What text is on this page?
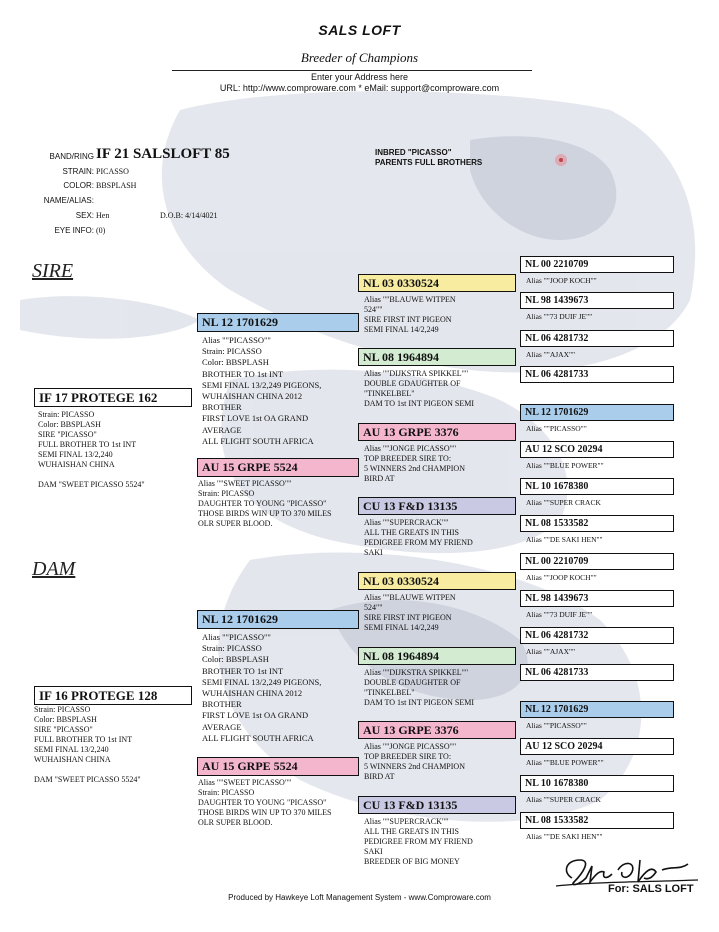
SALS LOFT
Breeder of Champions
Enter your Address here
URL: http://www.comproware.com * eMail: support@comproware.com
BAND/RING IF 21 SALSLOFT 85
STRAIN: PICASSO
COLOR: BBSPLASH
NAME/ALIAS:
SEX: Hen	D.O.B: 4/14/4021
EYE INFO: (0)
INBRED "PICASSO"
PARENTS FULL BROTHERS
SIRE
DAM
IF 17 PROTEGE 162
Strain: PICASSO
Color: BBSPLASH
SIRE "PICASSO"
FULL BROTHER TO 1st INT
SEMI FINAL 13/2,240
WUHAISHAN CHINA

DAM "SWEET PICASSO 5524"
NL 12 1701629
Alias ""PICASSO""
Strain: PICASSO
Color: BBSPLASH
BROTHER TO 1st INT
SEMI FINAL 13/2,249 PIGEONS,
WUHAISHAN CHINA 2012
BROTHER
FIRST LOVE 1st OA GRAND
AVERAGE
ALL FLIGHT SOUTH AFRICA
AU 15 GRPE 5524
Alias ""SWEET PICASSO""
Strain: PICASSO
DAUGHTER TO YOUNG "PICASSO"
THOSE BIRDS WIN UP TO 370 MILES
OLR SUPER BLOOD.
NL 03 0330524
Alias ""BLAUWE WITPEN
524""
SIRE FIRST INT PIGEON
SEMI FINAL 14/2,249
NL 08 1964894
Alias ""DIJKSTRA SPIKKEL""
DOUBLE GDAUGHTER OF
"TINKELBEL"
DAM TO 1st INT PIGEON SEMI
AU 13 GRPE 3376
Alias ""JONGE PICASSO""
TOP BREEDER SIRE TO:
5 WINNERS 2nd CHAMPION
BIRD AT
CU 13 F&D 13135
Alias ""SUPERCRACK""
ALL THE GREATS IN THIS
PEDIGREE FROM MY FRIEND
SAKI
NL 00 2210709
Alias ""JOOP KOCH""
NL 98 1439673
Alias ""73 DUIF JE""
NL 06 4281732
Alias ""AJAX""
NL 06 4281733
NL 12 1701629
Alias ""PICASSO""
AU 12 SCO 20294
Alias ""BLUE POWER""
NL 10 1678380
Alias ""SUPER CRACK
NL 08 1533582
Alias ""DE SAKI HEN""
IF 16 PROTEGE 128
Strain: PICASSO
Color: BBSPLASH
SIRE "PICASSO"
FULL BROTHER TO 1st INT
SEMI FINAL 13/2,240
WUHAISHAN CHINA

DAM "SWEET PICASSO 5524"
NL 12 1701629
Alias ""PICASSO""
Strain: PICASSO
Color: BBSPLASH
BROTHER TO 1st INT
SEMI FINAL 13/2,249 PIGEONS,
WUHAISHAN CHINA 2012
BROTHER
FIRST LOVE 1st OA GRAND
AVERAGE
ALL FLIGHT SOUTH AFRICA
AU 15 GRPE 5524
Alias ""SWEET PICASSO""
Strain: PICASSO
DAUGHTER TO YOUNG "PICASSO"
THOSE BIRDS WIN UP TO 370 MILES
OLR SUPER BLOOD.
NL 03 0330524
Alias ""BLAUWE WITPEN
524""
SIRE FIRST INT PIGEON
SEMI FINAL 14/2,249
NL 08 1964894
Alias ""DIJKSTRA SPIKKEL""
DOUBLE GDAUGHTER OF
"TINKELBEL"
DAM TO 1st INT PIGEON SEMI
AU 13 GRPE 3376
Alias ""JONGE PICASSO""
TOP BREEDER SIRE TO:
5 WINNERS 2nd CHAMPION
BIRD AT
CU 13 F&D 13135
Alias ""SUPERCRACK""
ALL THE GREATS IN THIS
PEDIGREE FROM MY FRIEND
SAKI
BREEDER OF BIG MONEY
NL 00 2210709
Alias ""JOOP KOCH""
NL 98 1439673
Alias ""73 DUIF JE""
NL 06 4281732
Alias ""AJAX""
NL 06 4281733
NL 12 1701629
Alias ""PICASSO""
AU 12 SCO 20294
Alias ""BLUE POWER""
NL 10 1678380
Alias ""SUPER CRACK
NL 08 1533582
Alias ""DE SAKI HEN""
For: SALS LOFT
Produced by Hawkeye Loft Management System - www.Comproware.com
